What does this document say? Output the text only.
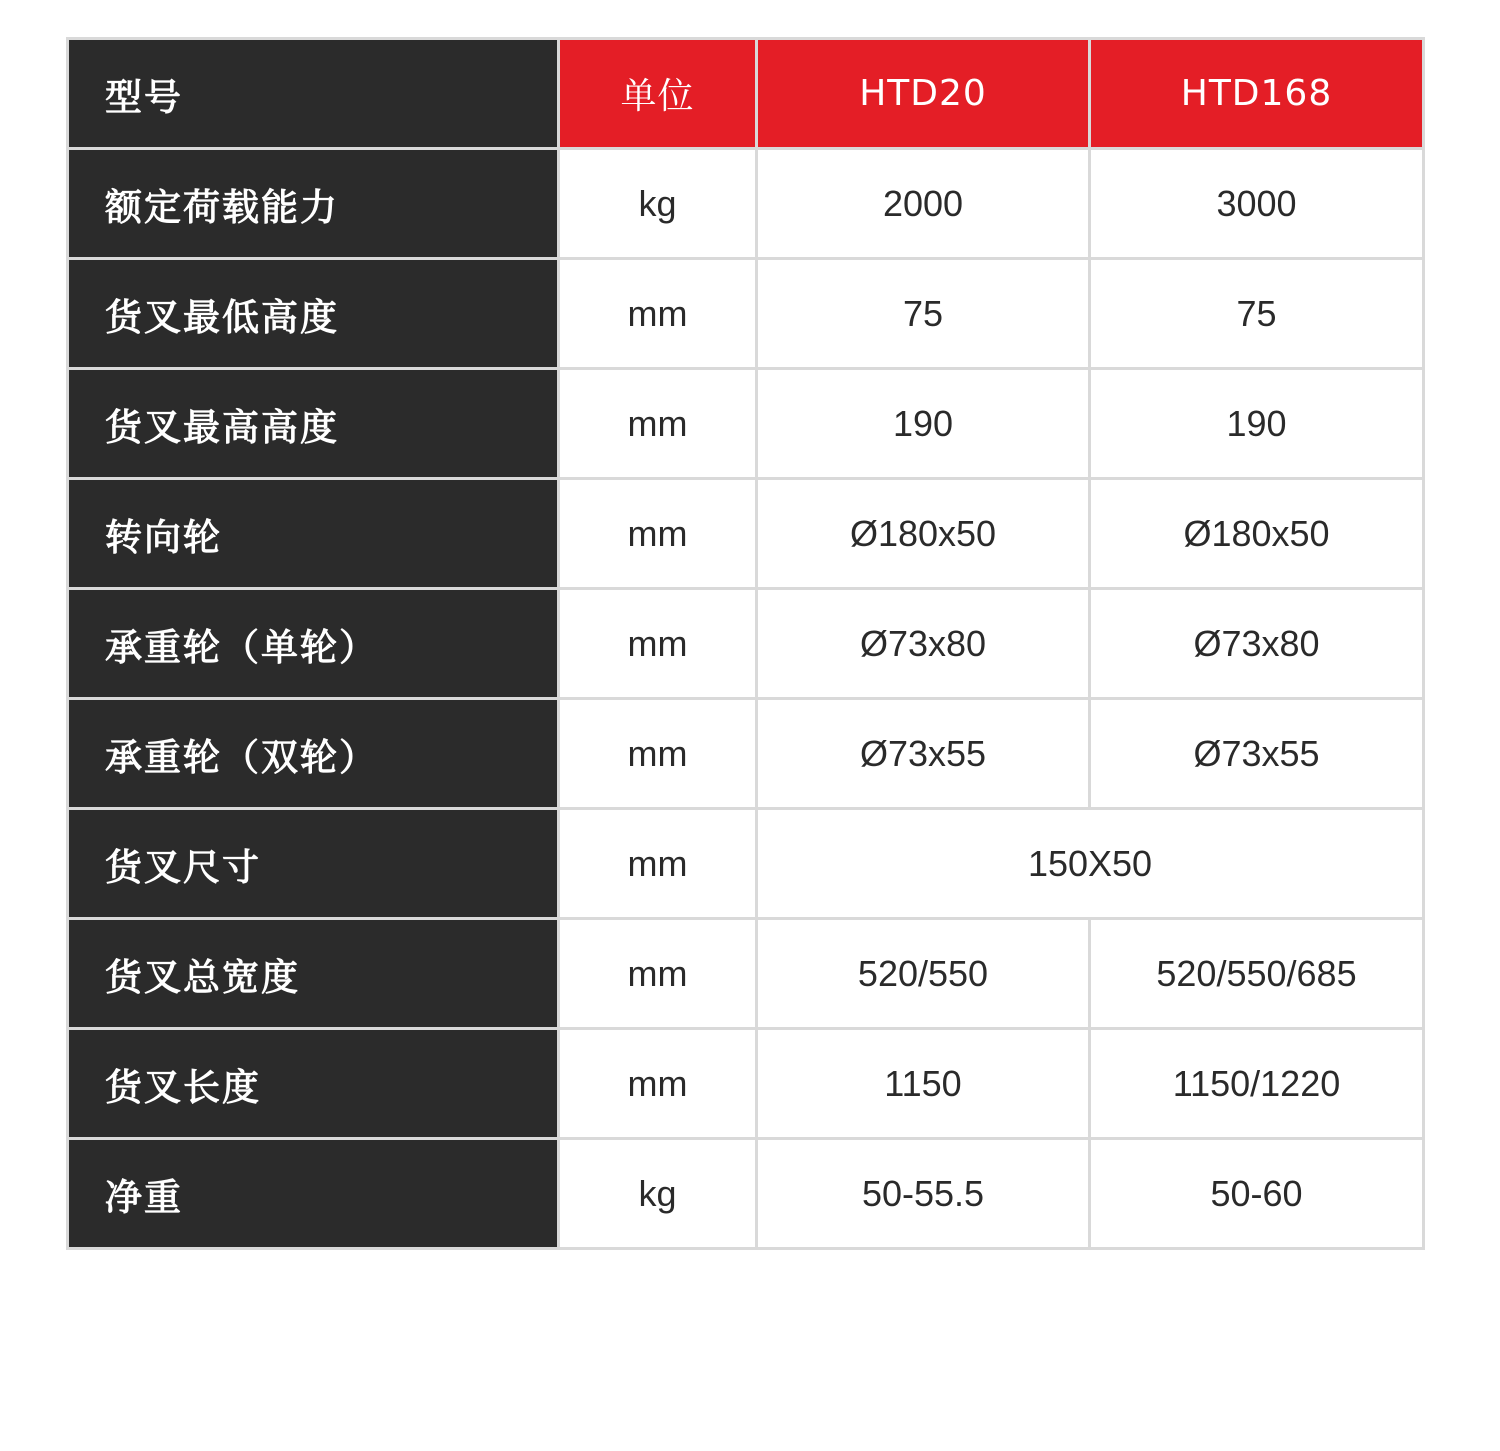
型号	单位	HTD20	HTD168
额定荷载能力	kg	2000	3000
货叉最低高度	mm	75	75
货叉最高高度	mm	190	190
转向轮	mm	Ø180x50	Ø180x50
承重轮（单轮）	mm	Ø73x80	Ø73x80
承重轮（双轮）	mm	Ø73x55	Ø73x55
货叉尺寸	mm	150X50	
货叉总宽度	mm	520/550	520/550/685
货叉长度	mm	1150	1150/1220
净重	kg	50-55.5	50-60
